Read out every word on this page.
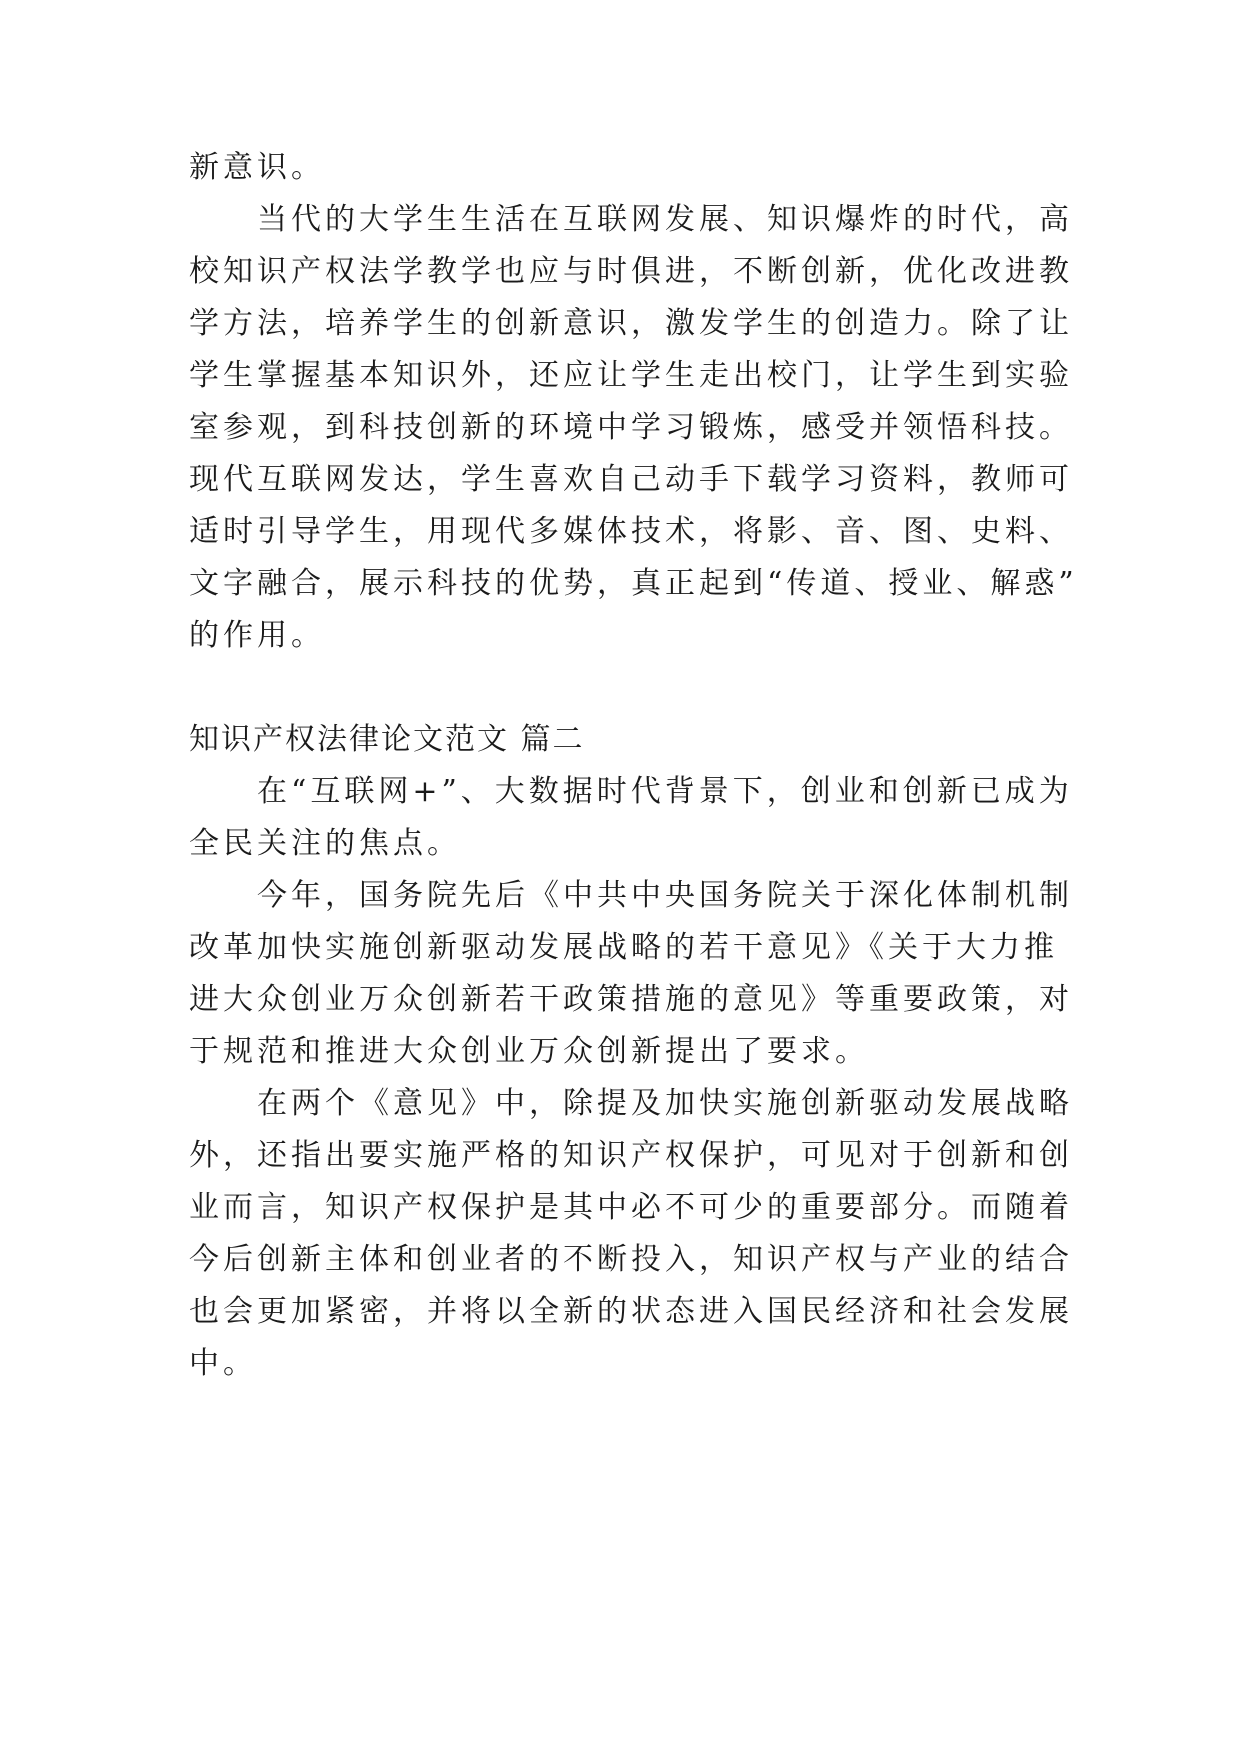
新意识。
当代的大学生生活在互联网发展、知识爆炸的时代，高
校知识产权法学教学也应与时俱进，不断创新，优化改进教
学方法，培养学生的创新意识，激发学生的创造力。除了让
学生掌握基本知识外，还应让学生走出校门，让学生到实验
室参观，到科技创新的环境中学习锻炼，感受并领悟科技。
现代互联网发达，学生喜欢自己动手下载学习资料，教师可
适时引导学生，用现代多媒体技术，将影、音、图、史料、
文字融合，展示科技的优势，真正起到“传道、授业、解惑”
的作用。
知识产权法律论文范文 篇二
在“互联网+”、大数据时代背景下，创业和创新已成为
全民关注的焦点。
今年，国务院先后《中共中央国务院关于深化体制机制
改革加快实施创新驱动发展战略的若干意见》《关于大力推
进大众创业万众创新若干政策措施的意见》等重要政策，对
于规范和推进大众创业万众创新提出了要求。
在两个《意见》中，除提及加快实施创新驱动发展战略
外，还指出要实施严格的知识产权保护，可见对于创新和创
业而言，知识产权保护是其中必不可少的重要部分。而随着
今后创新主体和创业者的不断投入，知识产权与产业的结合
也会更加紧密，并将以全新的状态进入国民经济和社会发展
中。
